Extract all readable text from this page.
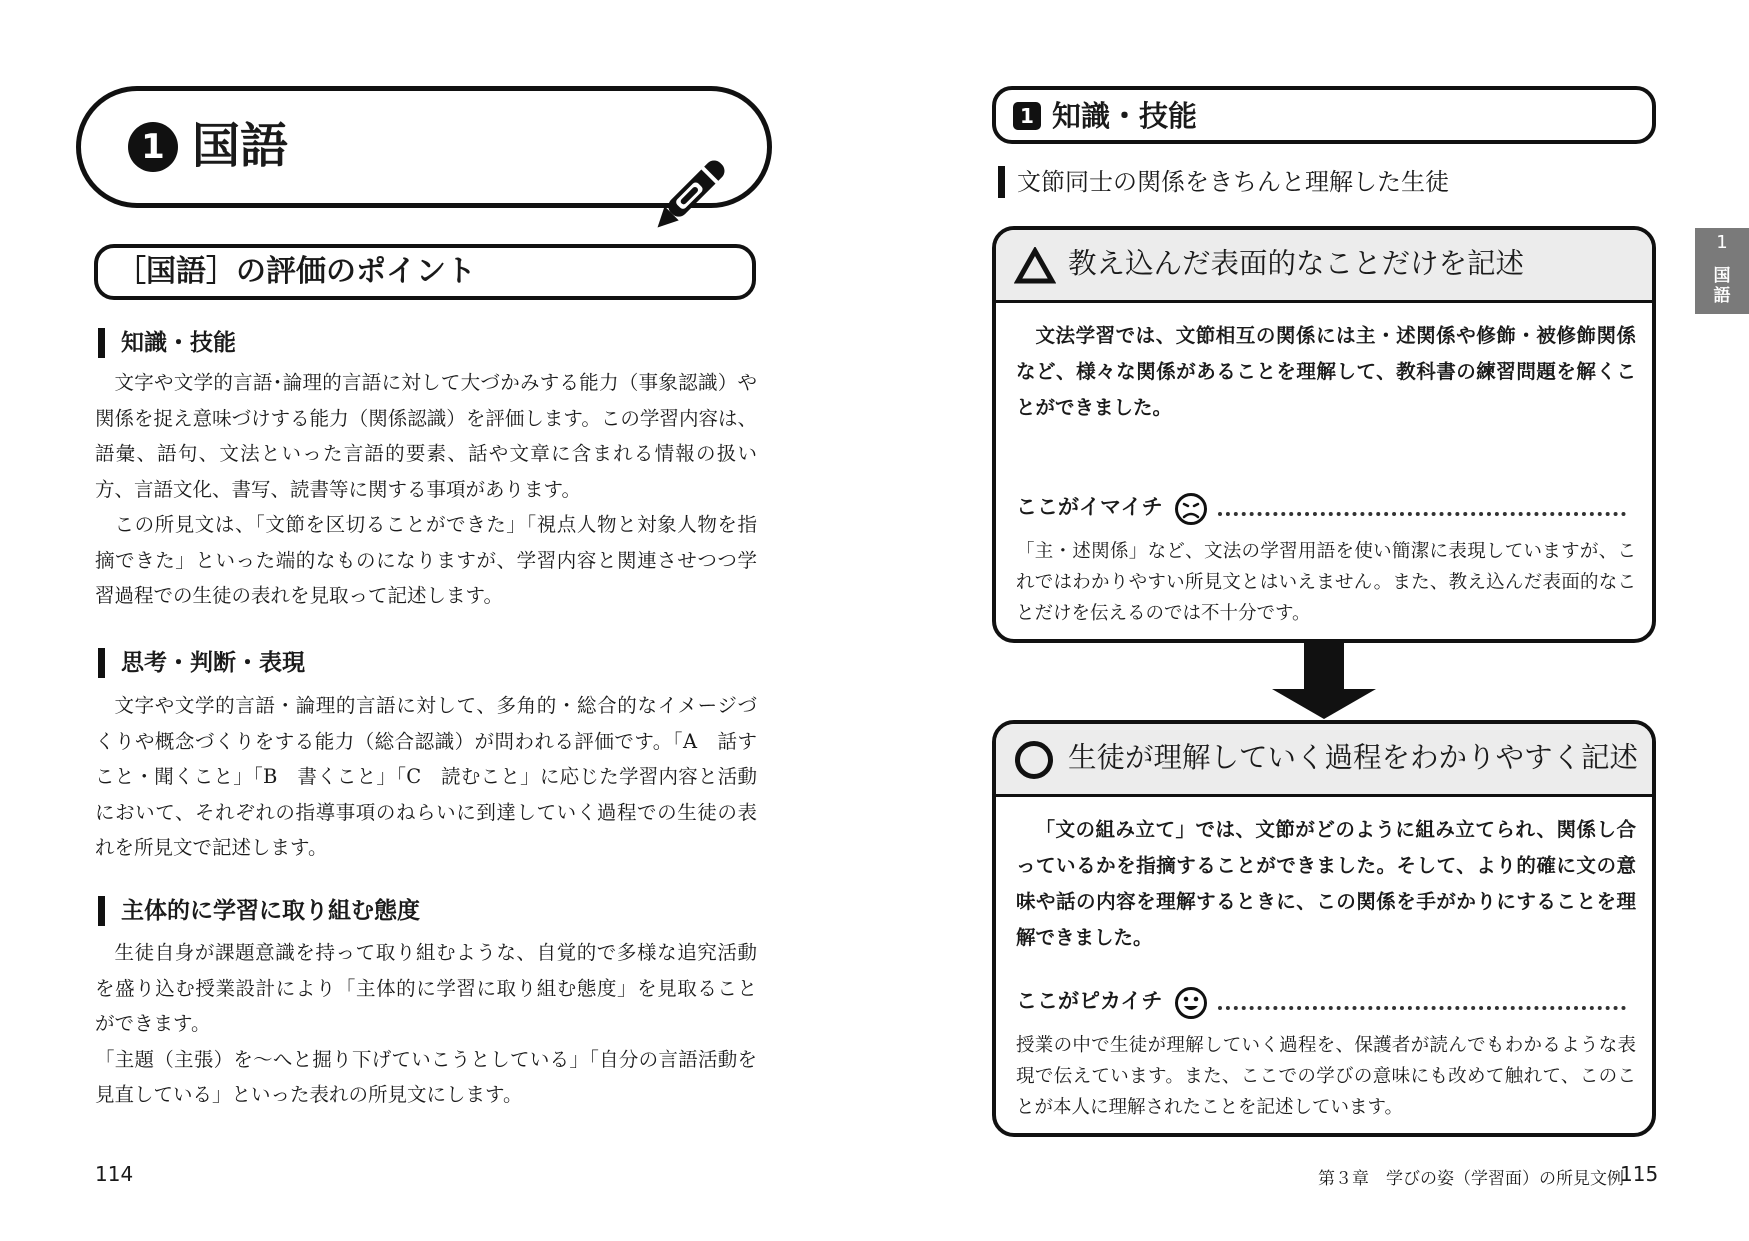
1 国語
［国語］の評価のポイント
知識・技能

文字や文学的言語･論理的言語に対して大づかみする能力（事象認識）や関係を捉え意味づけする能力（関係認識）を評価します。この学習内容は、語彙、語句、文法といった言語的要素、話や文章に含まれる情報の扱い方、言語文化、書写、読書等に関する事項があります。

この所見文は、「文節を区切ることができた」「視点人物と対象人物を指摘できた」といった端的なものになりますが、学習内容と関連させつつ学習過程での生徒の表れを見取って記述します。

思考・判断・表現

文字や文学的言語・論理的言語に対して、多角的・総合的なイメージづくりや概念づくりをする能力（総合認識）が問われる評価です。「A　話すこと・聞くこと」「B　書くこと」「C　読むこと」に応じた学習内容と活動において、それぞれの指導事項のねらいに到達していく過程での生徒の表れを所見文で記述します。

主体的に学習に取り組む態度

生徒自身が課題意識を持って取り組むような、自覚的で多様な追究活動を盛り込む授業設計により「主体的に学習に取り組む態度」を見取ることができます。

「主題（主張）を～へと掘り下げていこうとしている」「自分の言語活動を見直している」といった表れの所見文にします。

114
1 知識・技能
文節同士の関係をきちんと理解した生徒
教え込んだ表面的なことだけを記述

文法学習では、文節相互の関係には主・述関係や修飾・被修飾関係など、様々な関係があることを理解して、教科書の練習問題を解くことができました。

ここがイマイチ

「主・述関係」など、文法の学習用語を使い簡潔に表現していますが、これではわかりやすい所見文とはいえません。また、教え込んだ表面的なことだけを伝えるのでは不十分です。

生徒が理解していく過程をわかりやすく記述

「文の組み立て」では、文節がどのように組み立てられ、関係し合っているかを指摘することができました。そして、より的確に文の意味や話の内容を理解するときに、この関係を手がかりにすることを理解できました。

ここがピカイチ

授業の中で生徒が理解していく過程を、保護者が読んでもわかるような表現で伝えています。また、ここでの学びの意味にも改めて触れて、このことが本人に理解されたことを記述しています。

1
国
語
第３章　学びの姿（学習面）の所見文例
115
